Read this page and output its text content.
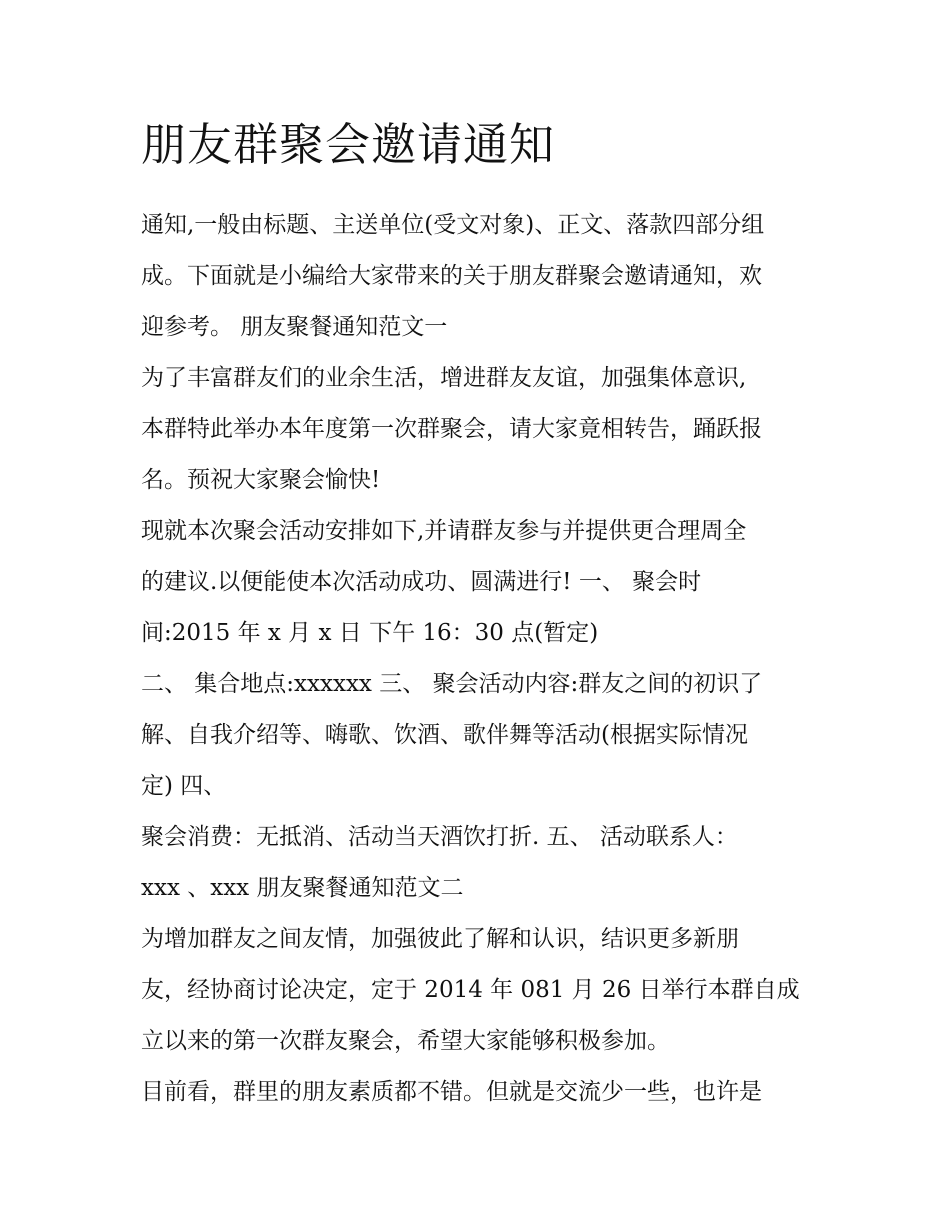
朋友群聚会邀请通知
通知,一般由标题、主送单位(受文对象)、正文、落款四部分组
成。下面就是小编给大家带来的关于朋友群聚会邀请通知，欢
迎参考。 朋友聚餐通知范文一
为了丰富群友们的业余生活，增进群友友谊，加强集体意识,
本群特此举办本年度第一次群聚会，请大家竟相转告，踊跃报
名。预祝大家聚会愉快!
现就本次聚会活动安排如下,并请群友参与并提供更合理周全
的建议.以便能使本次活动成功、圆满进行! 一、 聚会时
间:2015 年 x 月 x 日 下午 16：30 点(暂定)
二、 集合地点:xxxxxx 三、 聚会活动内容:群友之间的初识了
解、自我介绍等、嗨歌、饮酒、歌伴舞等活动(根据实际情况
定) 四、
聚会消费：无抵消、活动当天酒饮打折. 五、 活动联系人：
xxx 、xxx 朋友聚餐通知范文二
为增加群友之间友情，加强彼此了解和认识，结识更多新朋
友，经协商讨论决定，定于 2014 年 081 月 26 日举行本群自成
立以来的第一次群友聚会，希望大家能够积极参加。
目前看，群里的朋友素质都不错。但就是交流少一些，也许是
